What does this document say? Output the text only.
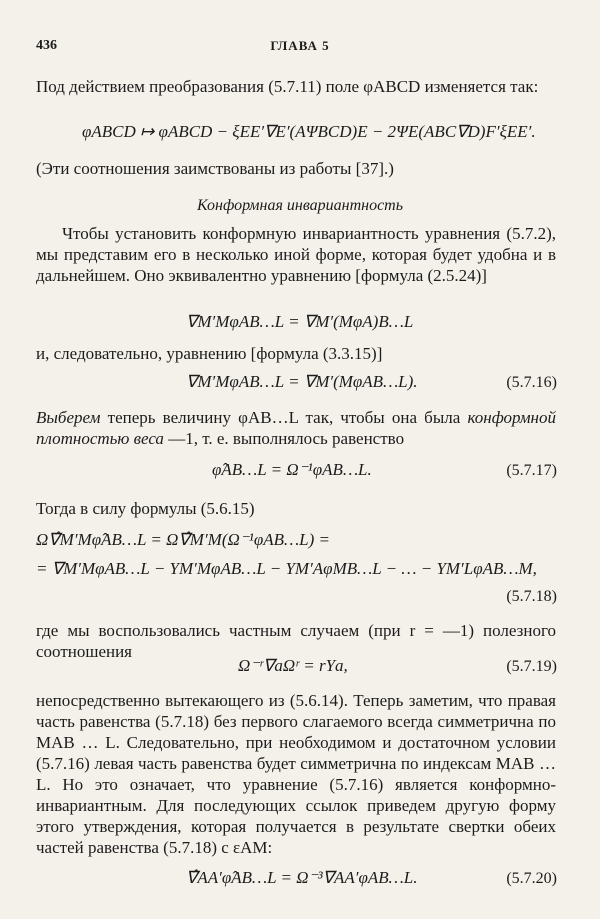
436	ГЛАВА 5
Под действием преобразования (5.7.11) поле φABCD изменяется так:
φABCD ↦ φABCD − ξEE′∇E′(AΨBCD)E − 2ΨE(ABC∇D)F′ξEE′.
(Эти соотношения заимствованы из работы [37].)
Конформная инвариантность
Чтобы установить конформную инвариантность уравнения (5.7.2), мы представим его в несколько иной форме, которая будет удобна и в дальнейшем. Оно эквивалентно уравнению [формула (2.5.24)]
∇M′MφAB…L = ∇M′(MφA)B…L
и, следовательно, уравнению [формула (3.3.15)]
∇M′MφAB…L = ∇M′(MφAB…L).	(5.7.16)
Выберем теперь величину φAB…L так, чтобы она была конформной плотностью веса —1, т. е. выполнялось равенство
φ̂AB…L = Ω⁻¹φAB…L.	(5.7.17)
Тогда в силу формулы (5.6.15)
Ω∇̂M′Mφ̂AB…L = Ω∇̂M′M(Ω⁻¹φAB…L) =
= ∇M′MφAB…L − ΥM′MφAB…L − ΥM′AφMB…L − … − ΥM′LφAB…M,
(5.7.18)
где мы воспользовались частным случаем (при r = —1) полезного соотношения
Ω⁻ʳ∇aΩʳ = rΥa,	(5.7.19)
непосредственно вытекающего из (5.6.14). Теперь заметим, что правая часть равенства (5.7.18) без первого слагаемого всегда симметрична по MAB … L. Следовательно, при необходимом и достаточном условии (5.7.16) левая часть равенства будет симметрична по индексам MAB … L. Но это означает, что уравнение (5.7.16) является конформно-инвариантным. Для последующих ссылок приведем другую форму этого утверждения, которая получается в результате свертки обеих частей равенства (5.7.18) с εAM:
∇̂AA′φ̂AB…L = Ω⁻³∇AA′φAB…L.	(5.7.20)
